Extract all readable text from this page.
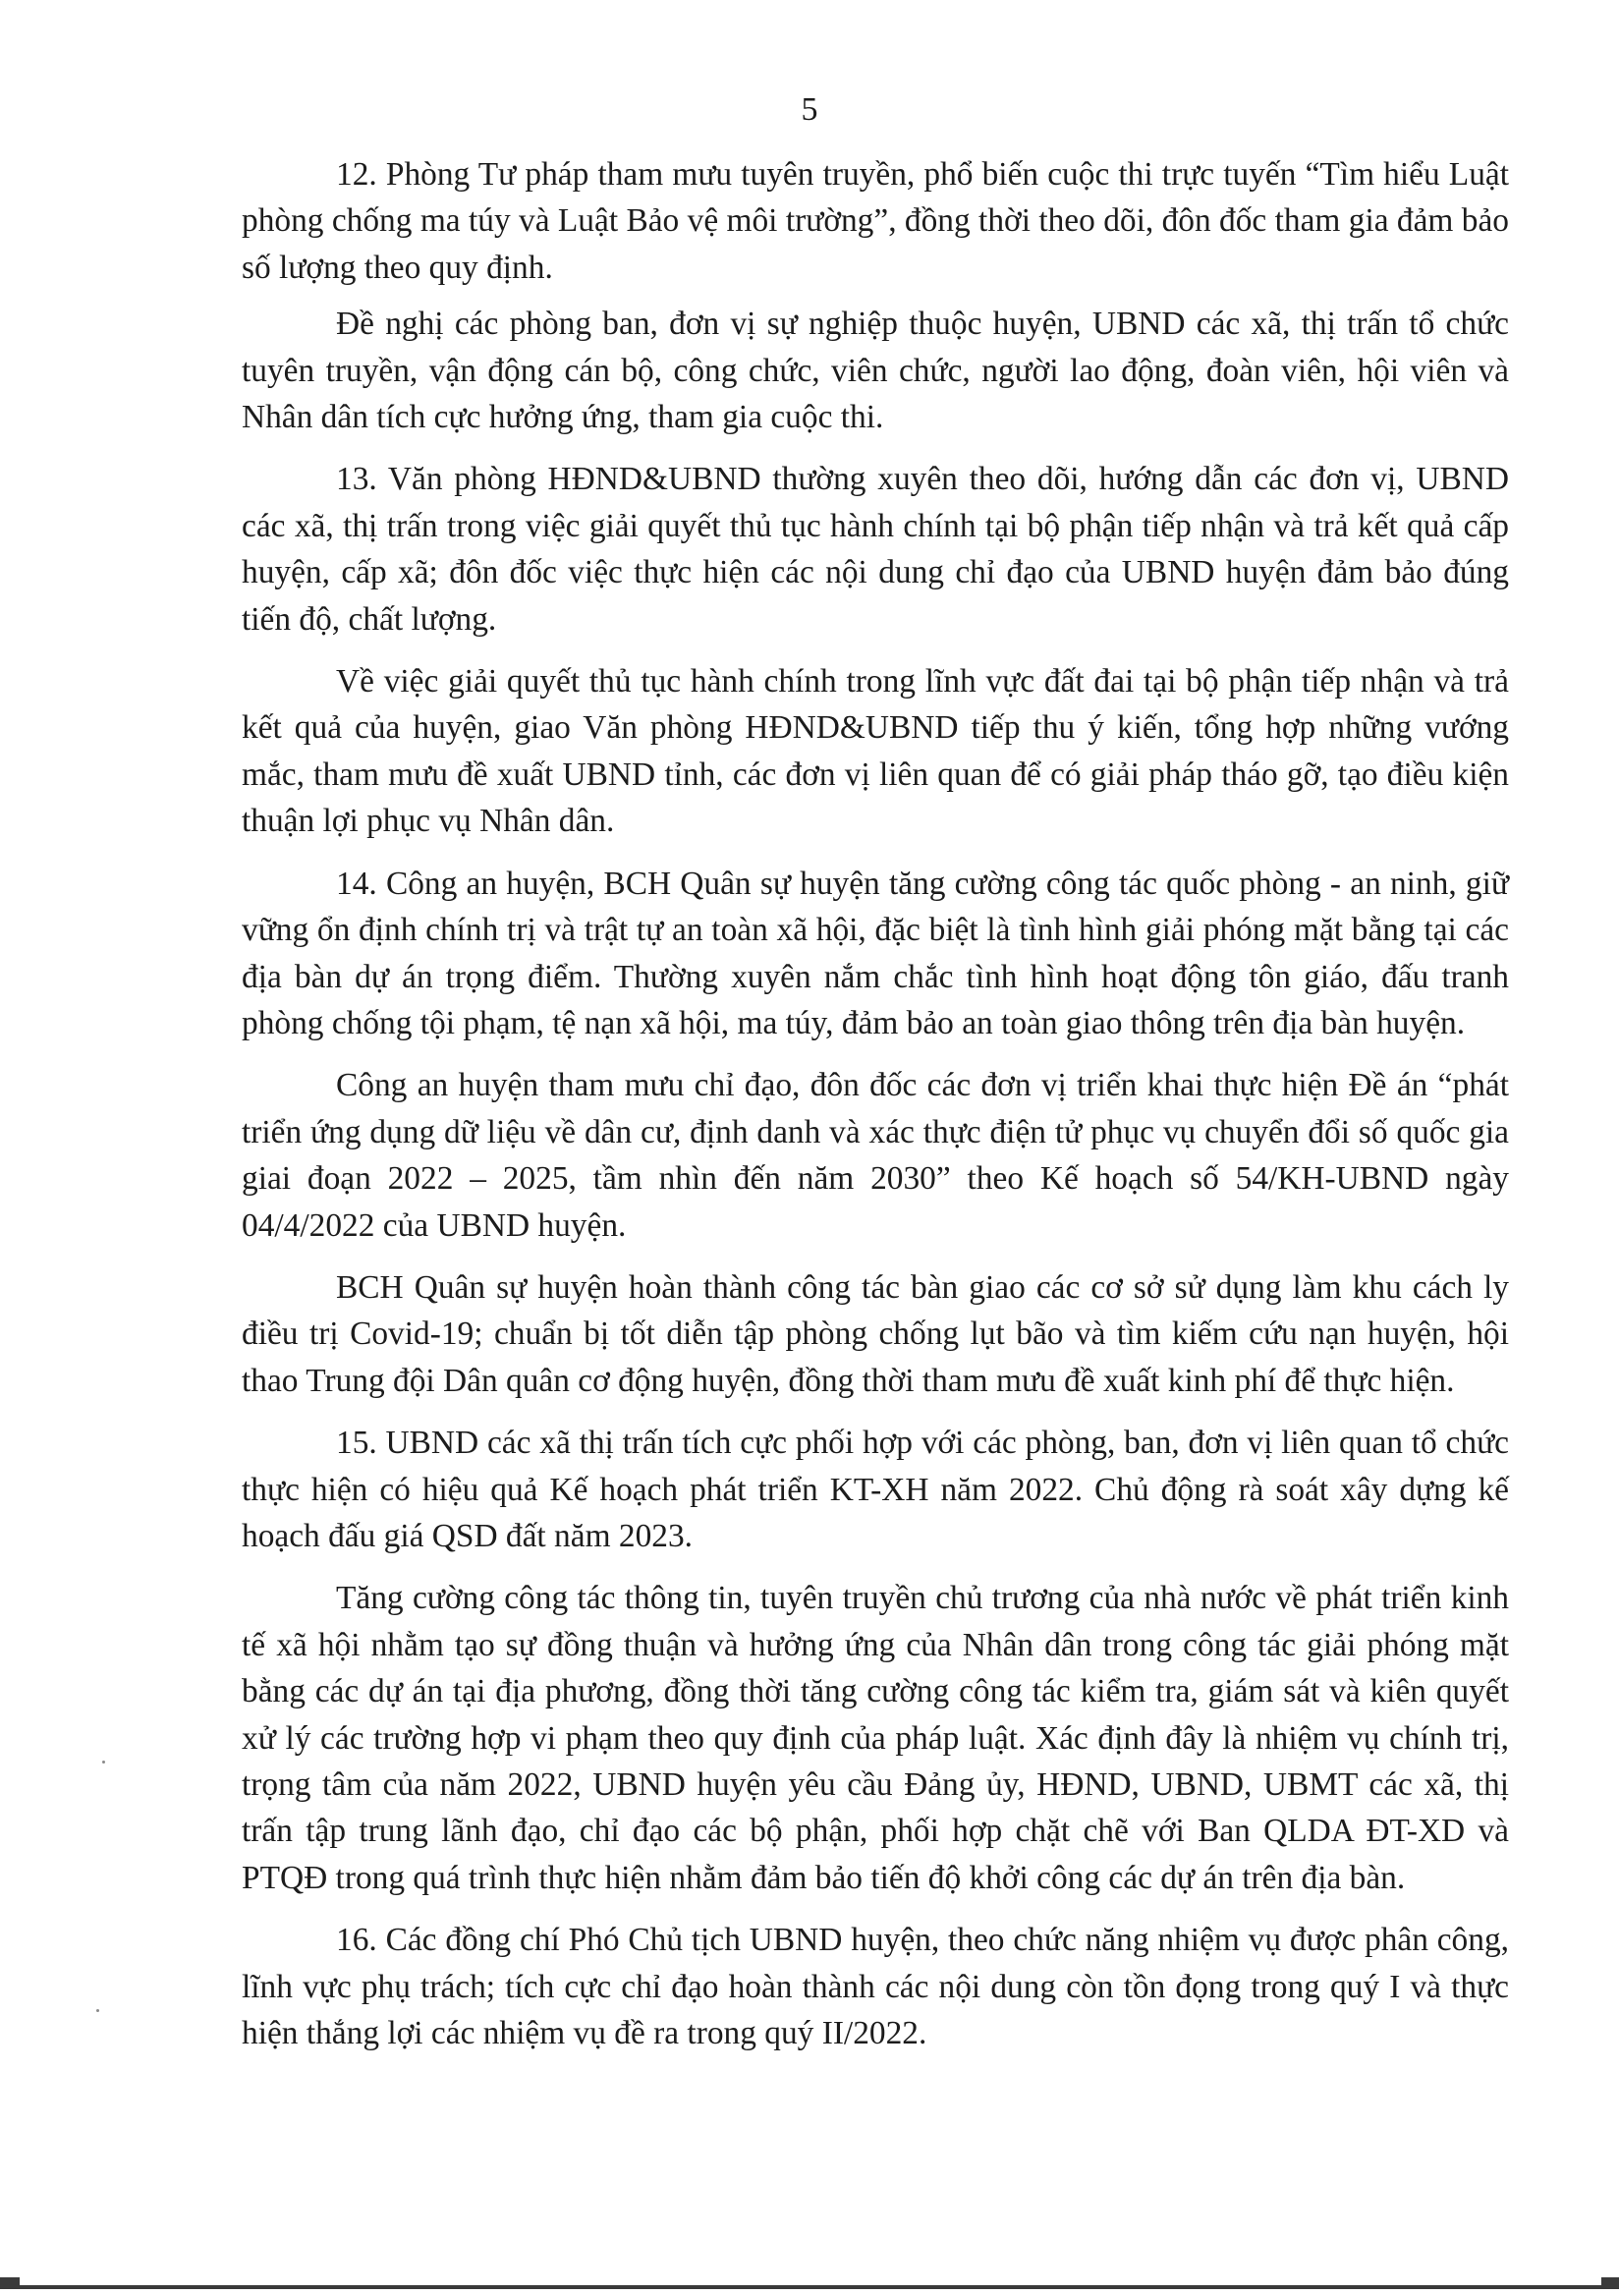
5

12. Phòng Tư pháp tham mưu tuyên truyền, phổ biến cuộc thi trực tuyến “Tìm hiểu Luật phòng chống ma túy và Luật Bảo vệ môi trường”, đồng thời theo dõi, đôn đốc tham gia đảm bảo số lượng theo quy định.

Đề nghị các phòng ban, đơn vị sự nghiệp thuộc huyện, UBND các xã, thị trấn tổ chức tuyên truyền, vận động cán bộ, công chức, viên chức, người lao động, đoàn viên, hội viên và Nhân dân tích cực hưởng ứng, tham gia cuộc thi.

13. Văn phòng HĐND&UBND thường xuyên theo dõi, hướng dẫn các đơn vị, UBND các xã, thị trấn trong việc giải quyết thủ tục hành chính tại bộ phận tiếp nhận và trả kết quả cấp huyện, cấp xã; đôn đốc việc thực hiện các nội dung chỉ đạo của UBND huyện đảm bảo đúng tiến độ, chất lượng.

Về việc giải quyết thủ tục hành chính trong lĩnh vực đất đai tại bộ phận tiếp nhận và trả kết quả của huyện, giao Văn phòng HĐND&UBND tiếp thu ý kiến, tổng hợp những vướng mắc, tham mưu đề xuất UBND tỉnh, các đơn vị liên quan để có giải pháp tháo gỡ, tạo điều kiện thuận lợi phục vụ Nhân dân.

14. Công an huyện, BCH Quân sự huyện tăng cường công tác quốc phòng - an ninh, giữ vững ổn định chính trị và trật tự an toàn xã hội, đặc biệt là tình hình giải phóng mặt bằng tại các địa bàn dự án trọng điểm. Thường xuyên nắm chắc tình hình hoạt động tôn giáo, đấu tranh phòng chống tội phạm, tệ nạn xã hội, ma túy, đảm bảo an toàn giao thông trên địa bàn huyện.

Công an huyện tham mưu chỉ đạo, đôn đốc các đơn vị triển khai thực hiện Đề án “phát triển ứng dụng dữ liệu về dân cư, định danh và xác thực điện tử phục vụ chuyển đổi số quốc gia giai đoạn 2022 – 2025, tầm nhìn đến năm 2030” theo Kế hoạch số 54/KH-UBND ngày 04/4/2022 của UBND huyện.

BCH Quân sự huyện hoàn thành công tác bàn giao các cơ sở sử dụng làm khu cách ly điều trị Covid-19; chuẩn bị tốt diễn tập phòng chống lụt bão và tìm kiếm cứu nạn huyện, hội thao Trung đội Dân quân cơ động huyện, đồng thời tham mưu đề xuất kinh phí để thực hiện.

15. UBND các xã thị trấn tích cực phối hợp với các phòng, ban, đơn vị liên quan tổ chức thực hiện có hiệu quả Kế hoạch phát triển KT-XH năm 2022. Chủ động rà soát xây dựng kế hoạch đấu giá QSD đất năm 2023.

Tăng cường công tác thông tin, tuyên truyền chủ trương của nhà nước về phát triển kinh tế xã hội nhằm tạo sự đồng thuận và hưởng ứng của Nhân dân trong công tác giải phóng mặt bằng các dự án tại địa phương, đồng thời tăng cường công tác kiểm tra, giám sát và kiên quyết xử lý các trường hợp vi phạm theo quy định của pháp luật. Xác định đây là nhiệm vụ chính trị, trọng tâm của năm 2022, UBND huyện yêu cầu Đảng ủy, HĐND, UBND, UBMT các xã, thị trấn tập trung lãnh đạo, chỉ đạo các bộ phận, phối hợp chặt chẽ với Ban QLDA ĐT-XD và PTQĐ trong quá trình thực hiện nhằm đảm bảo tiến độ khởi công các dự án trên địa bàn.

16. Các đồng chí Phó Chủ tịch UBND huyện, theo chức năng nhiệm vụ được phân công, lĩnh vực phụ trách; tích cực chỉ đạo hoàn thành các nội dung còn tồn đọng trong quý I và thực hiện thắng lợi các nhiệm vụ đề ra trong quý II/2022.
